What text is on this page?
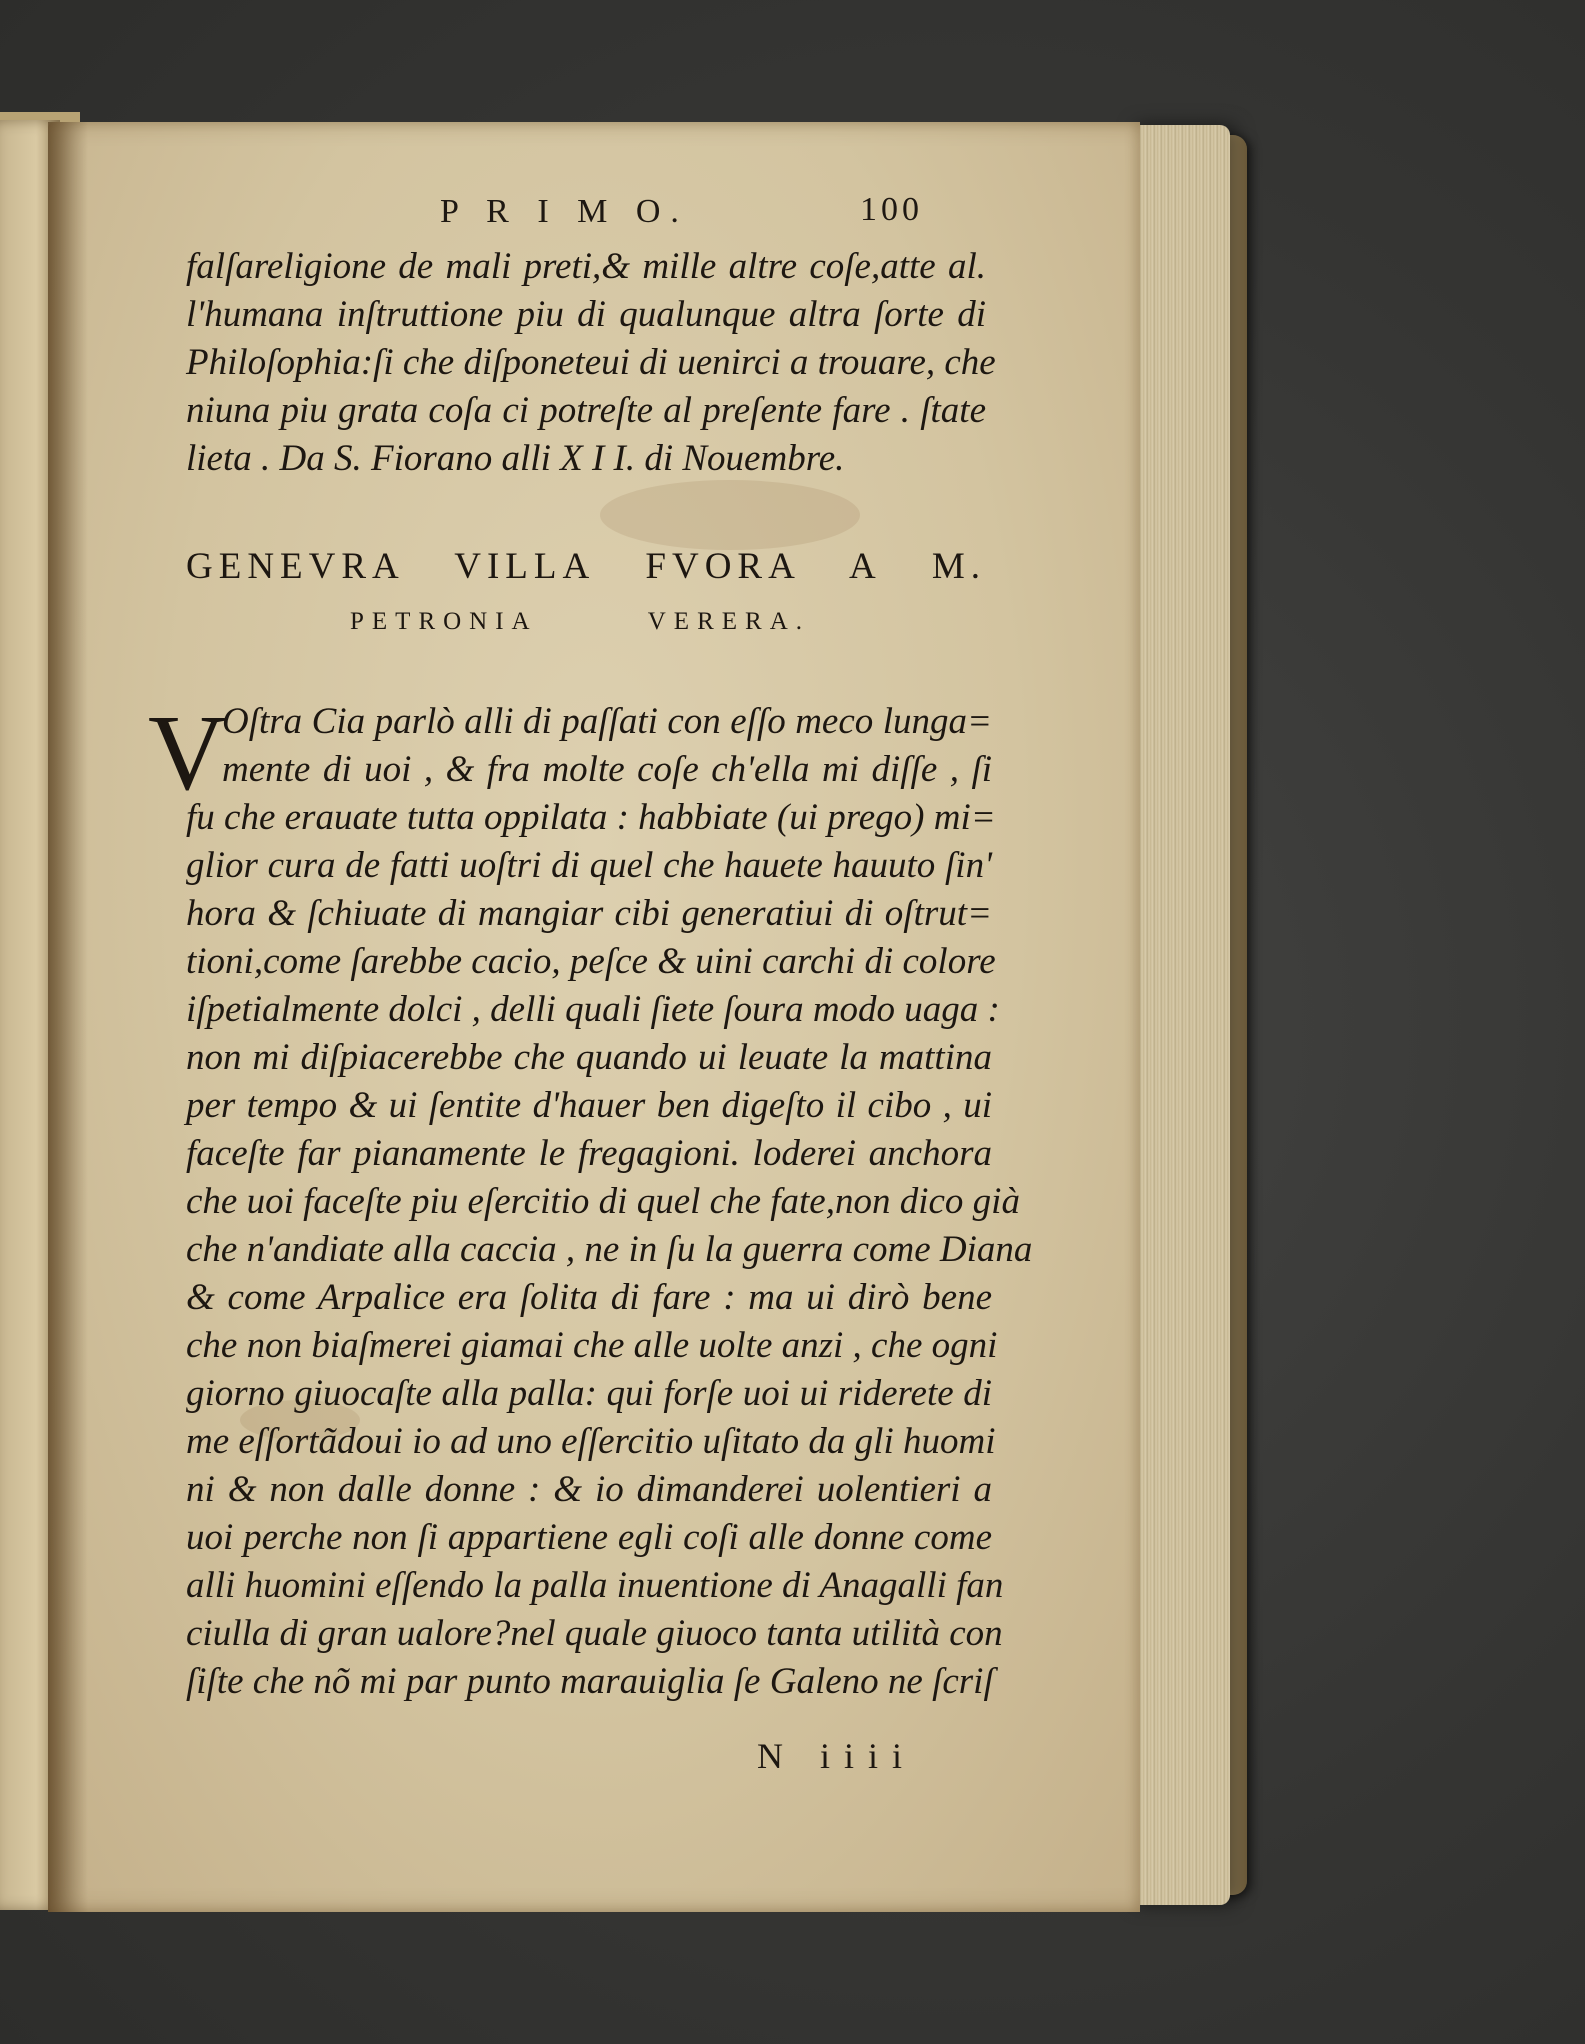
P R I M O.	100
falſareligione de mali preti,& mille altre coſe,atte al.
l'humana inſtruttione piu di qualunque altra ſorte di
Philoſophia:ſi che diſponeteui di uenirci a trouare, che
niuna piu grata coſa ci potreſte al preſente fare . ſtate
lieta . Da S. Fiorano alli X I I. di Nouembre.
GENEVRA VILLA FVORA A M.
PETRONIA VERERA.
V
Oſtra Cia parlò alli di paſſati con eſſo meco lunga=
mente di uoi , & fra molte coſe ch'ella mi diſſe , ſi
fu che erauate tutta oppilata : habbiate (ui prego) mi=
glior cura de fatti uoſtri di quel che hauete hauuto ſin'
hora & ſchiuate di mangiar cibi generatiui di oſtrut=
tioni,come ſarebbe cacio, peſce & uini carchi di colore
iſpetialmente dolci , delli quali ſiete ſoura modo uaga :
non mi diſpiacerebbe che quando ui leuate la mattina
per tempo & ui ſentite d'hauer ben digeſto il cibo , ui
faceſte far pianamente le fregagioni. loderei anchora
che uoi faceſte piu eſercitio di quel che fate,non dico già
che n'andiate alla caccia , ne in ſu la guerra come Diana
& come Arpalice era ſolita di fare : ma ui dirò bene
che non biaſmerei giamai che alle uolte anzi , che ogni
giorno giuocaſte alla palla: qui forſe uoi ui riderete di
me eſſortãdoui io ad uno eſſercitio uſitato da gli huomi
ni & non dalle donne : & io dimanderei uolentieri a
uoi perche non ſi appartiene egli coſi alle donne come
alli huomini eſſendo la palla inuentione di Anagalli fan
ciulla di gran ualore?nel quale giuoco tanta utilità con
ſiſte che nõ mi par punto marauiglia ſe Galeno ne ſcriſ
N iiii
